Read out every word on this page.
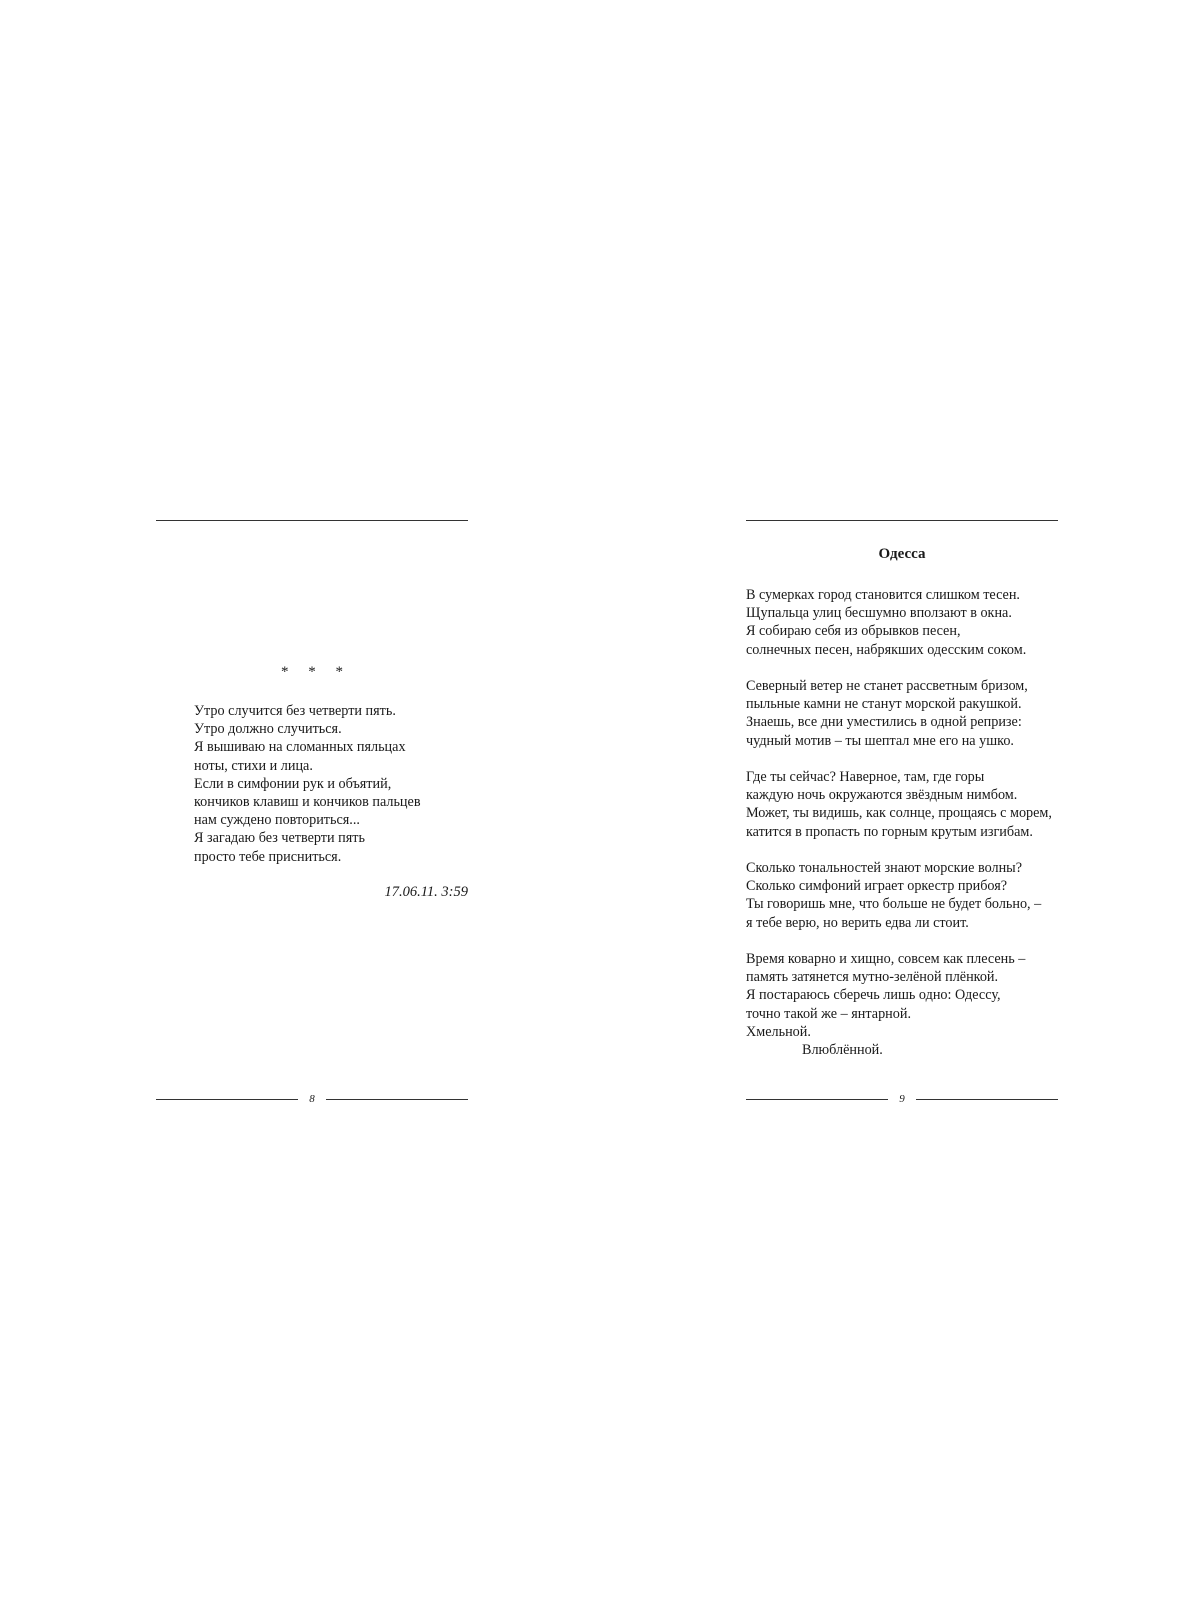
* * *
Утро случится без четверти пять.
Утро должно случиться.
Я вышиваю на сломанных пяльцах
ноты, стихи и лица.
Если в симфонии рук и объятий,
кончиков клавиш и кончиков пальцев
нам суждено повториться...
Я загадаю без четверти пять
просто тебе присниться.
17.06.11. 3:59
8
Одесса
В сумерках город становится слишком тесен.
Щупальца улиц бесшумно вползают в окна.
Я собираю себя из обрывков песен,
солнечных песен, набрякших одесским соком.
Северный ветер не станет рассветным бризом,
пыльные камни не станут морской ракушкой.
Знаешь, все дни уместились в одной репризе:
чудный мотив – ты шептал мне его на ушко.
Где ты сейчас? Наверное, там, где горы
каждую ночь окружаются звёздным нимбом.
Может, ты видишь, как солнце, прощаясь с морем,
катится в пропасть по горным крутым изгибам.
Сколько тональностей знают морские волны?
Сколько симфоний играет оркестр прибоя?
Ты говоришь мне, что больше не будет больно, –
я тебе верю, но верить едва ли стоит.
Время коварно и хищно, совсем как плесень –
память затянется мутно-зелёной плёнкой.
Я постараюсь сберечь лишь одно: Одессу,
точно такой же – янтарной.
Хмельной.
Влюблённой.
9
